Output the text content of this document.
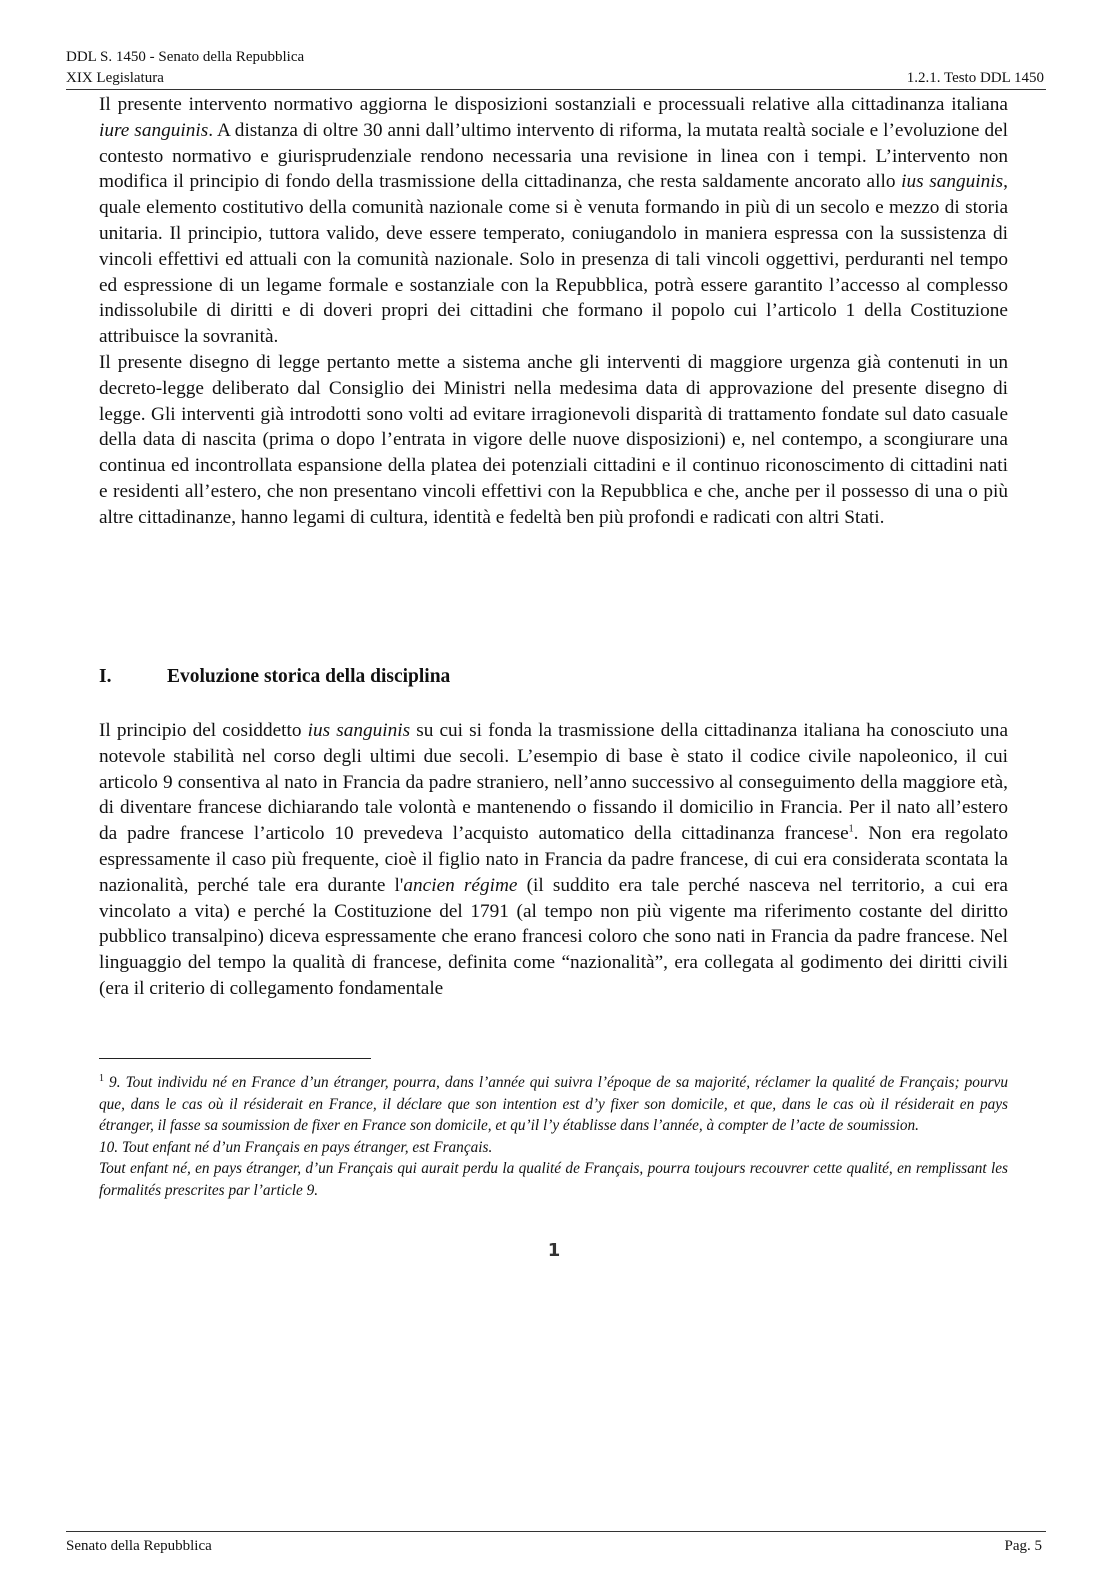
DDL S. 1450 - Senato della Repubblica
XIX Legislatura	1.2.1. Testo DDL 1450

Il presente intervento normativo aggiorna le disposizioni sostanziali e processuali relative alla cittadinanza italiana iure sanguinis. A distanza di oltre 30 anni dall’ultimo intervento di riforma, la mutata realtà sociale e l’evoluzione del contesto normativo e giurisprudenziale rendono necessaria una revisione in linea con i tempi. L’intervento non modifica il principio di fondo della trasmissione della cittadinanza, che resta saldamente ancorato allo ius sanguinis, quale elemento costitutivo della comunità nazionale come si è venuta formando in più di un secolo e mezzo di storia unitaria. Il principio, tuttora valido, deve essere temperato, coniugandolo in maniera espressa con la sussistenza di vincoli effettivi ed attuali con la comunità nazionale. Solo in presenza di tali vincoli oggettivi, perduranti nel tempo ed espressione di un legame formale e sostanziale con la Repubblica, potrà essere garantito l’accesso al complesso indissolubile di diritti e di doveri propri dei cittadini che formano il popolo cui l’articolo 1 della Costituzione attribuisce la sovranità.

Il presente disegno di legge pertanto mette a sistema anche gli interventi di maggiore urgenza già contenuti in un decreto-legge deliberato dal Consiglio dei Ministri nella medesima data di approvazione del presente disegno di legge. Gli interventi già introdotti sono volti ad evitare irragionevoli disparità di trattamento fondate sul dato casuale della data di nascita (prima o dopo l’entrata in vigore delle nuove disposizioni) e, nel contempo, a scongiurare una continua ed incontrollata espansione della platea dei potenziali cittadini e il continuo riconoscimento di cittadini nati e residenti all’estero, che non presentano vincoli effettivi con la Repubblica e che, anche per il possesso di una o più altre cittadinanze, hanno legami di cultura, identità e fedeltà ben più profondi e radicati con altri Stati.

I.	Evoluzione storica della disciplina

Il principio del cosiddetto ius sanguinis su cui si fonda la trasmissione della cittadinanza italiana ha conosciuto una notevole stabilità nel corso degli ultimi due secoli. L’esempio di base è stato il codice civile napoleonico, il cui articolo 9 consentiva al nato in Francia da padre straniero, nell’anno successivo al conseguimento della maggiore età, di diventare francese dichiarando tale volontà e mantenendo o fissando il domicilio in Francia. Per il nato all’estero da padre francese l’articolo 10 prevedeva l’acquisto automatico della cittadinanza francese$^1$. Non era regolato espressamente il caso più frequente, cioè il figlio nato in Francia da padre francese, di cui era considerata scontata la nazionalità, perché tale era durante l'ancien régime (il suddito era tale perché nasceva nel territorio, a cui era vincolato a vita) e perché la Costituzione del 1791 (al tempo non più vigente ma riferimento costante del diritto pubblico transalpino) diceva espressamente che erano francesi coloro che sono nati in Francia da padre francese. Nel linguaggio del tempo la qualità di francese, definita come “nazionalità”, era collegata al godimento dei diritti civili (era il criterio di collegamento fondamentale

$^1$ 9. Tout individu né en France d’un étranger, pourra, dans l’année qui suivra l’époque de sa majorité, réclamer la qualité de Français; pourvu que, dans le cas où il résiderait en France, il déclare que son intention est d’y fixer son domicile, et que, dans le cas où il résiderait en pays étranger, il fasse sa soumission de fixer en France son domicile, et qu’il l’y établisse dans l’année, à compter de l’acte de soumission.

10. Tout enfant né d’un Français en pays étranger, est Français.

Tout enfant né, en pays étranger, d’un Français qui aurait perdu la qualité de Français, pourra toujours recouvrer cette qualité, en remplissant les formalités prescrites par l’article 9.

1
Senato della Repubblica	Pag. 5
